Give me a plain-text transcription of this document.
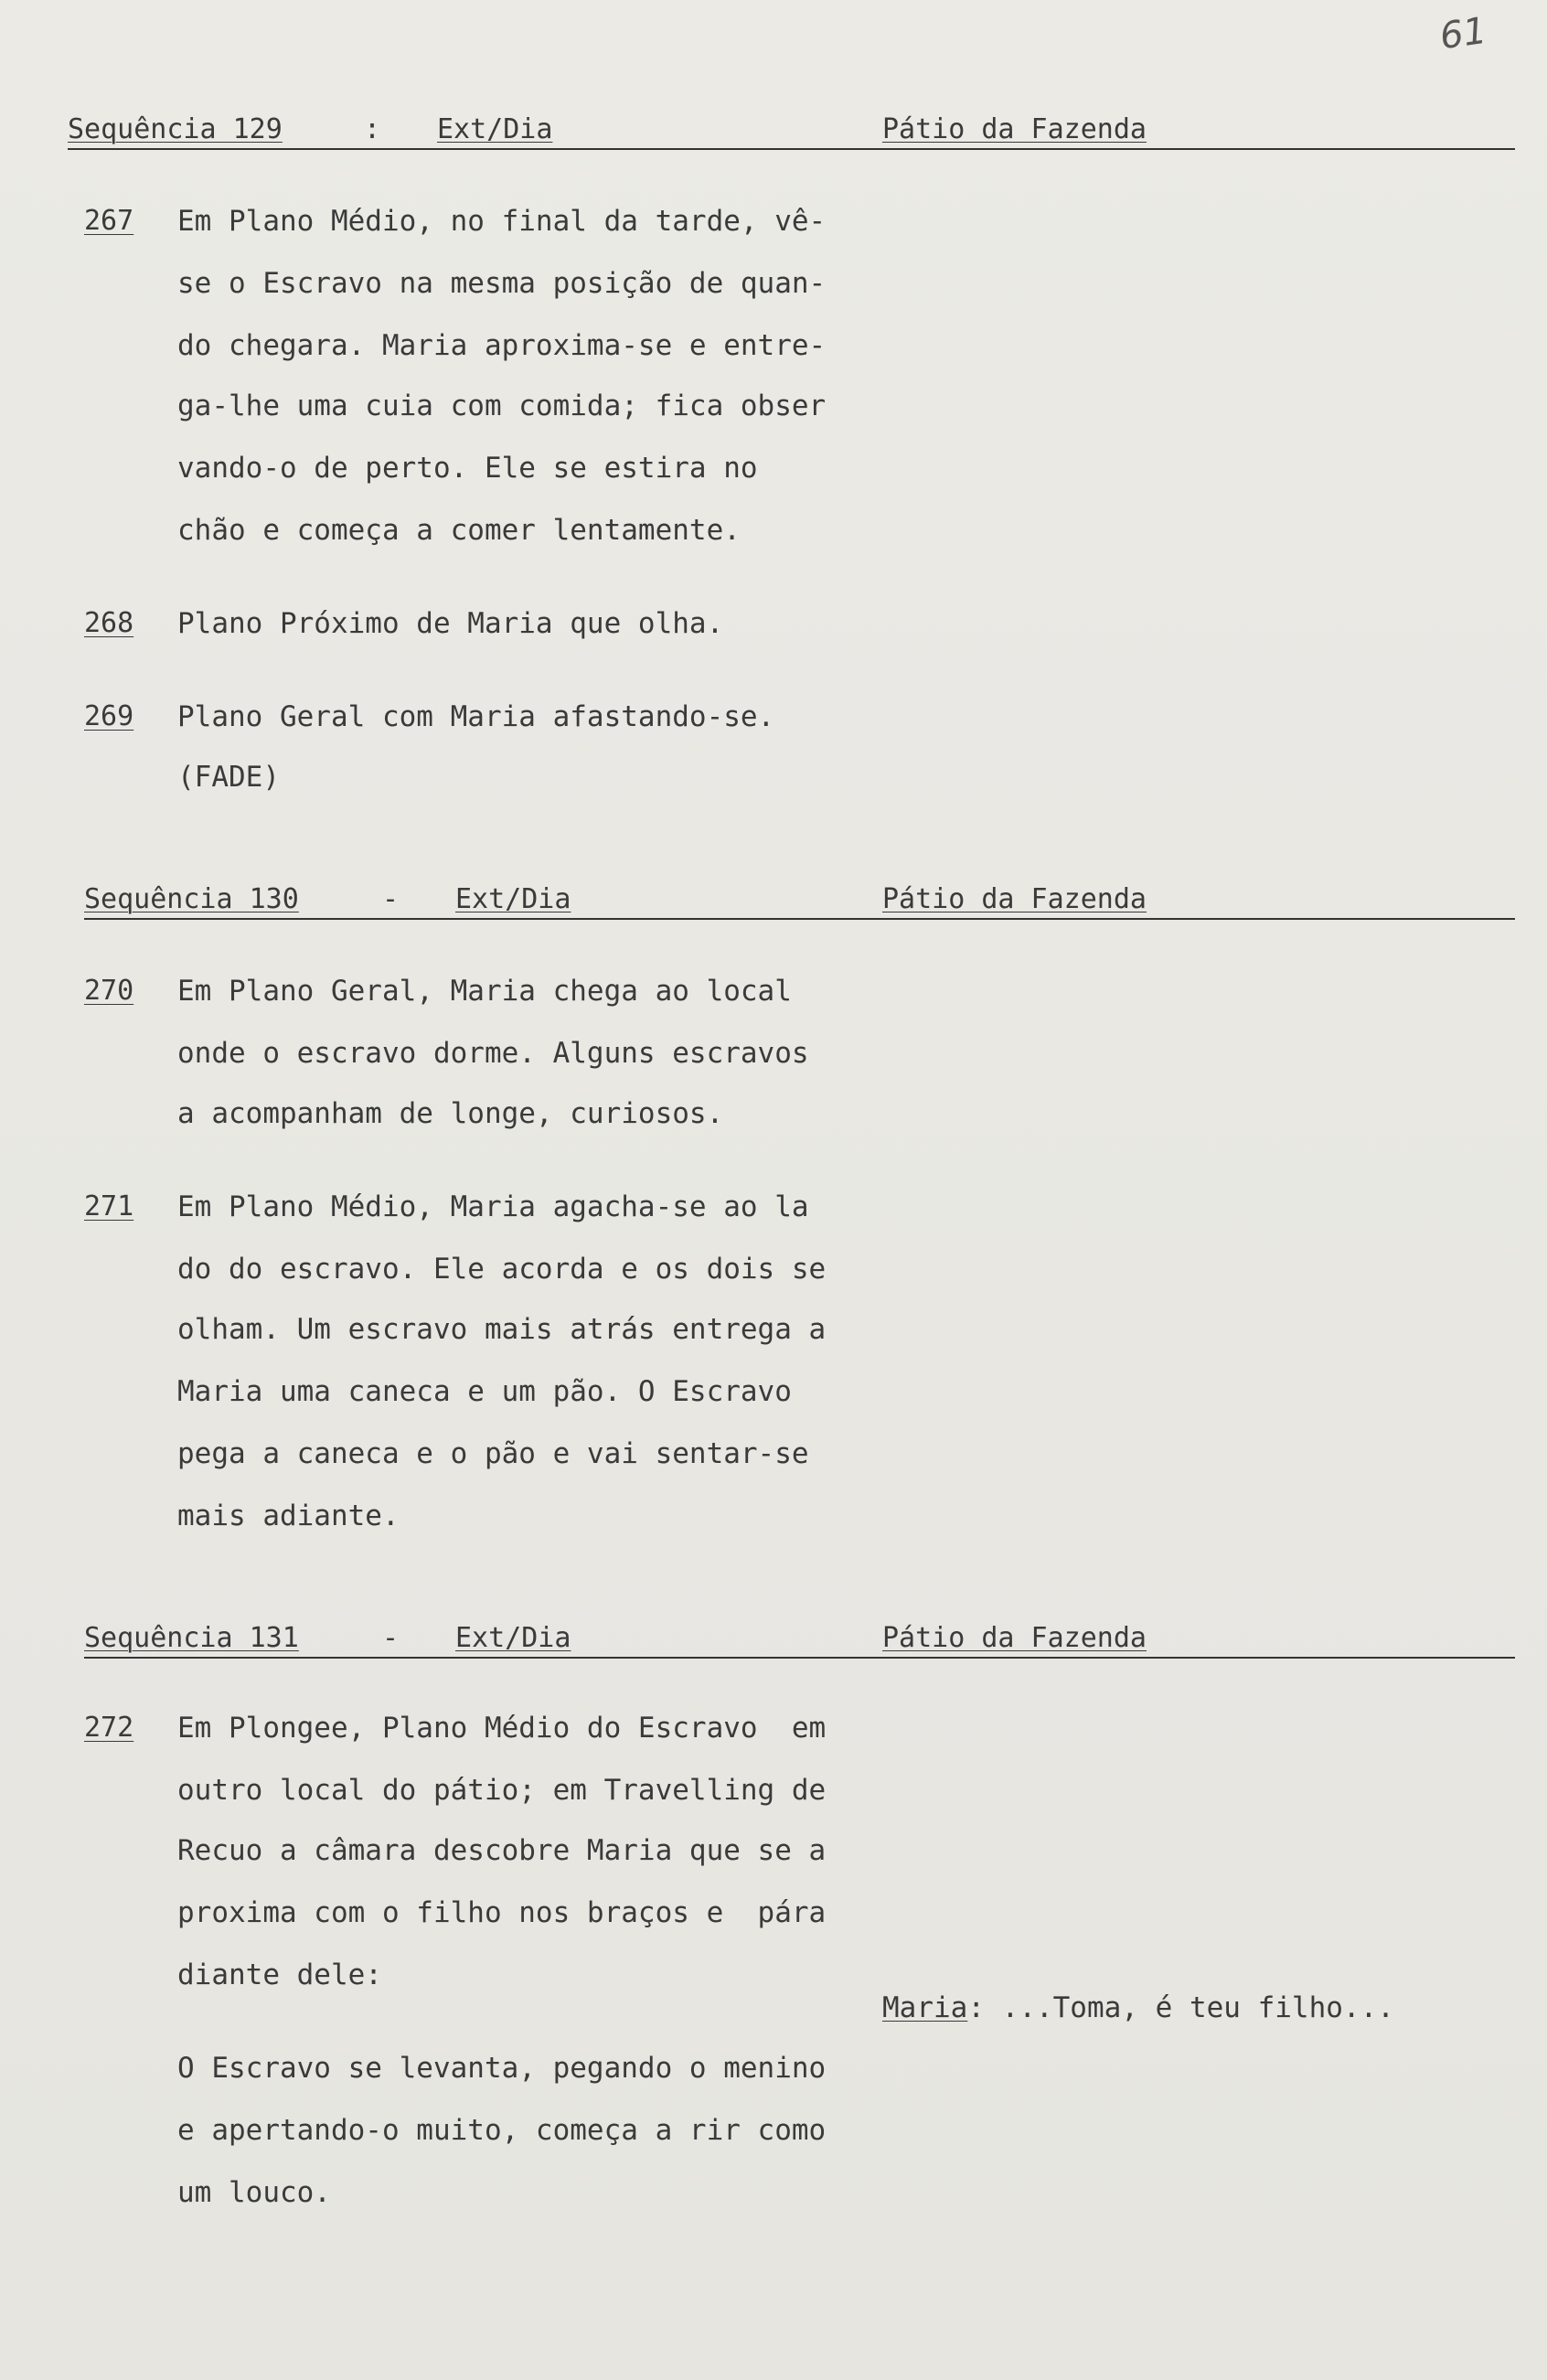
61
Sequência 129	: Ext/Dia	Pátio da Fazenda
267 Em Plano Médio, no final da tarde, vê-
se o Escravo na mesma posição de quan-
do chegara. Maria aproxima-se e entre-
ga-lhe uma cuia com comida; fica obser
vando-o de perto. Ele se estira no
chão e começa a comer lentamente.
268 Plano Próximo de Maria que olha.
269 Plano Geral com Maria afastando-se.
(FADE)
Sequência 130	- Ext/Dia	Pátio da Fazenda
270 Em Plano Geral, Maria chega ao local
onde o escravo dorme. Alguns escravos
a acompanham de longe, curiosos.
271 Em Plano Médio, Maria agacha-se ao la
do do escravo. Ele acorda e os dois se
olham. Um escravo mais atrás entrega a
Maria uma caneca e um pão. O Escravo
pega a caneca e o pão e vai sentar-se
mais adiante.
Sequência 131	- Ext/Dia	Pátio da Fazenda
272 Em Plongee, Plano Médio do Escravo  em
outro local do pátio; em Travelling de
Recuo a câmara descobre Maria que se a
proxima com o filho nos braços e  pára
diante dele:
Maria: ...Toma, é teu filho...
O Escravo se levanta, pegando o menino
e apertando-o muito, começa a rir como
um louco.
